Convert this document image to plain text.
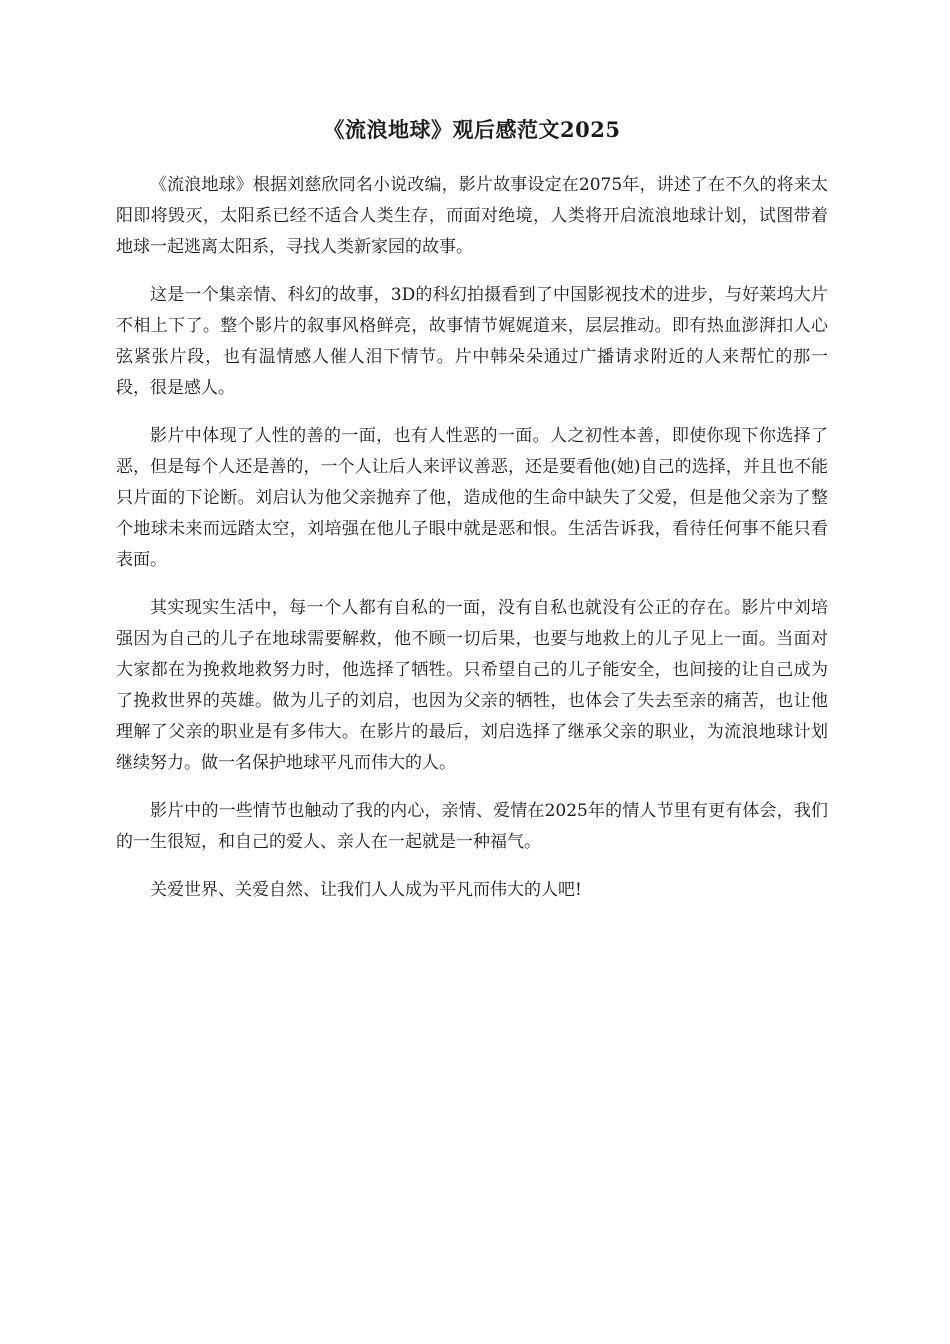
《流浪地球》观后感范文2025

《流浪地球》根据刘慈欣同名小说改编，影片故事设定在2075年，讲述了在不久的将来太阳即将毁灭，太阳系已经不适合人类生存，而面对绝境，人类将开启流浪地球计划，试图带着地球一起逃离太阳系，寻找人类新家园的故事。

这是一个集亲情、科幻的故事，3D的科幻拍摄看到了中国影视技术的进步，与好莱坞大片不相上下了。整个影片的叙事风格鲜亮，故事情节娓娓道来，层层推动。即有热血澎湃扣人心弦紧张片段，也有温情感人催人泪下情节。片中韩朵朵通过广播请求附近的人来帮忙的那一段，很是感人。

影片中体现了人性的善的一面，也有人性恶的一面。人之初性本善，即使你现下你选择了恶，但是每个人还是善的，一个人让后人来评议善恶，还是要看他(她)自己的选择，并且也不能只片面的下论断。刘启认为他父亲抛弃了他，造成他的生命中缺失了父爱，但是他父亲为了整个地球未来而远踏太空，刘培强在他儿子眼中就是恶和恨。生活告诉我，看待任何事不能只看表面。

其实现实生活中，每一个人都有自私的一面，没有自私也就没有公正的存在。影片中刘培强因为自己的儿子在地球需要解救，他不顾一切后果，也要与地救上的儿子见上一面。当面对大家都在为挽救地救努力时，他选择了牺牲。只希望自己的儿子能安全，也间接的让自己成为了挽救世界的英雄。做为儿子的刘启，也因为父亲的牺牲，也体会了失去至亲的痛苦，也让他理解了父亲的职业是有多伟大。在影片的最后，刘启选择了继承父亲的职业，为流浪地球计划继续努力。做一名保护地球平凡而伟大的人。

影片中的一些情节也触动了我的内心，亲情、爱情在2025年的情人节里有更有体会，我们的一生很短，和自己的爱人、亲人在一起就是一种福气。

关爱世界、关爱自然、让我们人人成为平凡而伟大的人吧!
